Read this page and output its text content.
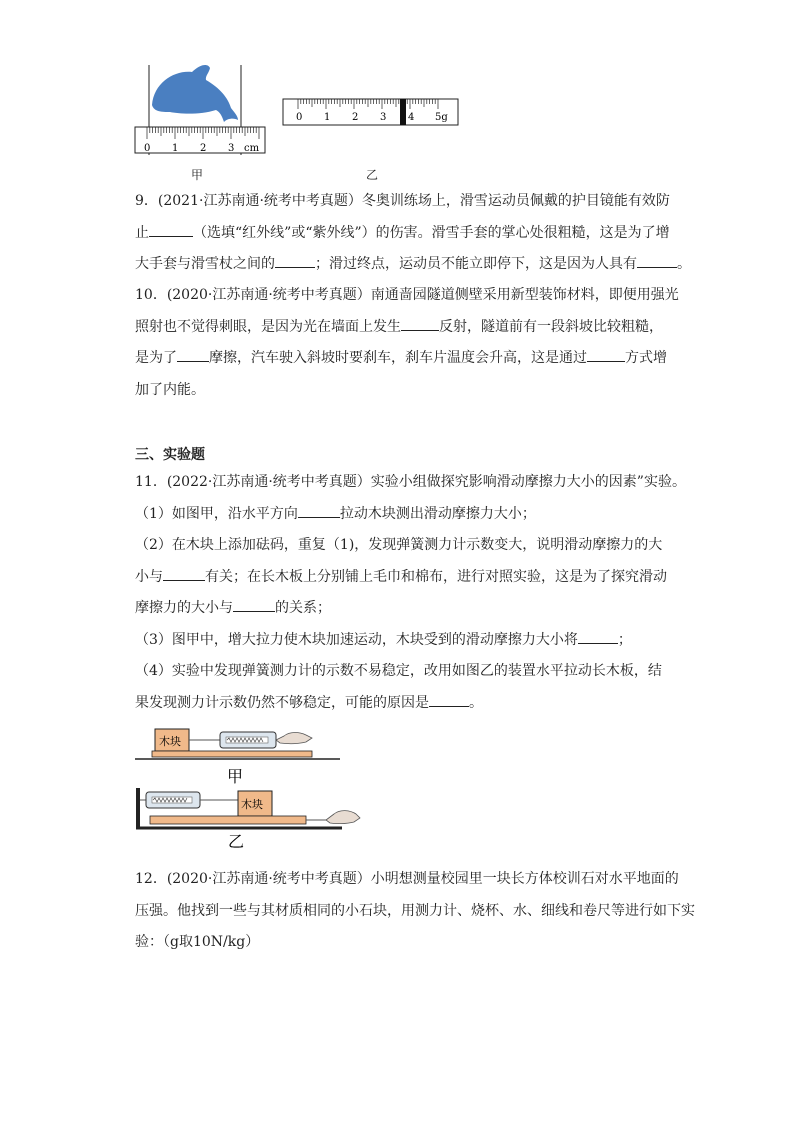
0 1 2 3 cm
0 1 2 3 4 5g
甲	乙
9．(2021·江苏南通·统考中考真题）冬奥训练场上，滑雪运动员佩戴的护目镜能有效防
止	（选填“红外线”或“紫外线”）的伤害。滑雪手套的掌心处很粗糙，这是为了增
大手套与滑雪杖之间的	；滑过终点，运动员不能立即停下，这是因为人具有	。
10．(2020·江苏南通·统考中考真题）南通啬园隧道侧壁采用新型装饰材料，即便用强光
照射也不觉得刺眼，是因为光在墙面上发生	反射，隧道前有一段斜坡比较粗糙，
是为了 摩擦，汽车驶入斜坡时要刹车，刹车片温度会升高，这是通过	方式增
加了内能。
三、实验题
11．(2022·江苏南通·统考中考真题）实验小组做探究影响滑动摩擦力大小的因素”实验。
（1）如图甲，沿水平方向	拉动木块测出滑动摩擦力大小；
（2）在木块上添加砝码，重复（1)，发现弹簧测力计示数变大，说明滑动摩擦力的大
小与	有关；在长木板上分别铺上毛巾和棉布，进行对照实验，这是为了探究滑动
摩擦力的大小与	的关系；
（3）图甲中，增大拉力使木块加速运动，木块受到的滑动摩擦力大小将	；
（4）实验中发现弹簧测力计的示数不易稳定，改用如图乙的装置水平拉动长木板，结
果发现测力计示数仍然不够稳定，可能的原因是	。
木块
甲
木块
乙
12．(2020·江苏南通·统考中考真题）小明想测量校园里一块长方体校训石对水平地面的
压强。他找到一些与其材质相同的小石块，用测力计、烧杯、水、细线和卷尺等进行如下实
验：（g取10N/kg）
